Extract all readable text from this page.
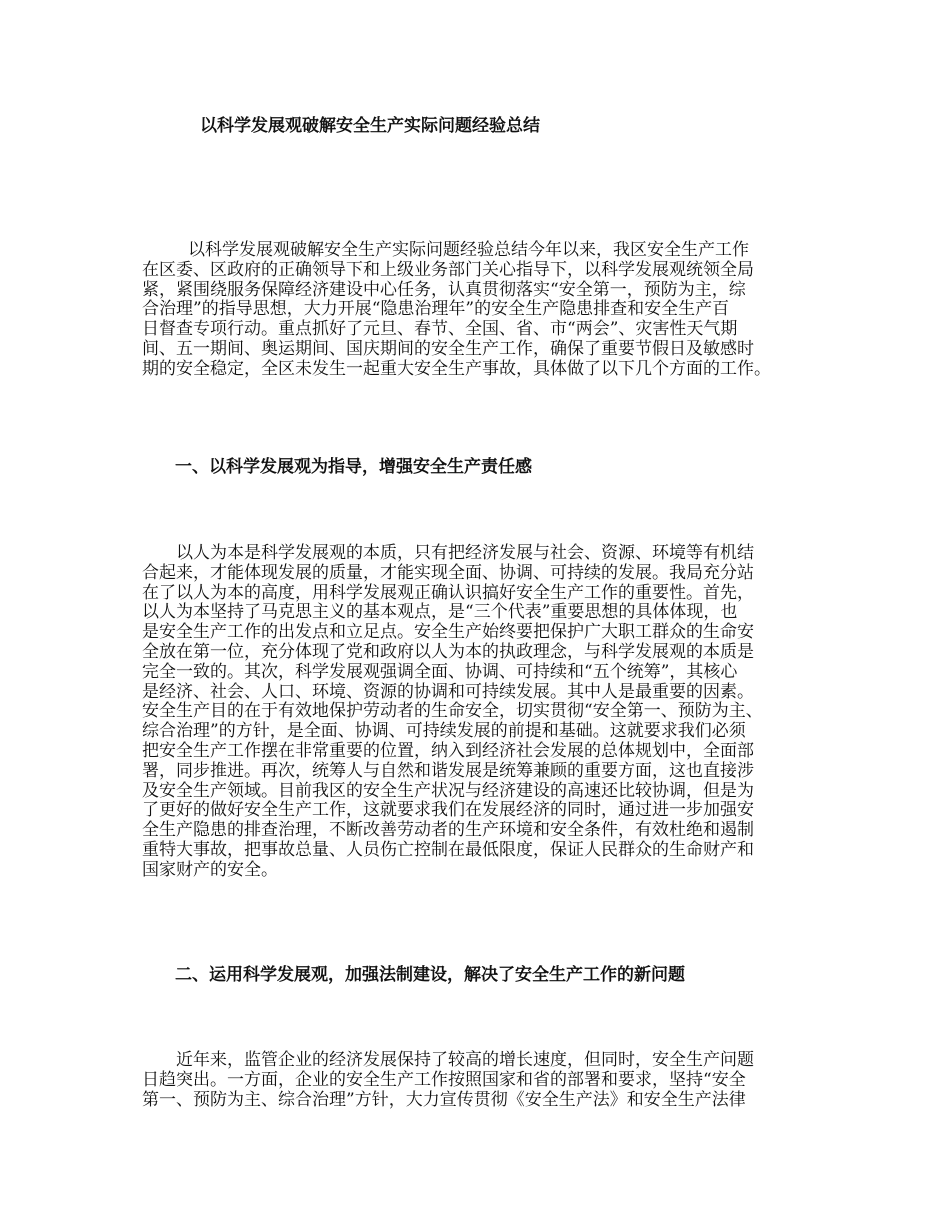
以科学发展观破解安全生产实际问题经验总结
以科学发展观破解安全生产实际问题经验总结今年以来，我区安全生产工作
在区委、区政府的正确领导下和上级业务部门关心指导下，以科学发展观统领全局
紧，紧围绕服务保障经济建设中心任务，认真贯彻落实“安全第一，预防为主，综
合治理”的指导思想，大力开展“隐患治理年”的安全生产隐患排查和安全生产百
日督查专项行动。重点抓好了元旦、春节、全国、省、市“两会”、灾害性天气期
间、五一期间、奥运期间、国庆期间的安全生产工作，确保了重要节假日及敏感时
期的安全稳定，全区未发生一起重大安全生产事故，具体做了以下几个方面的工作。
一、以科学发展观为指导，增强安全生产责任感
以人为本是科学发展观的本质，只有把经济发展与社会、资源、环境等有机结
合起来，才能体现发展的质量，才能实现全面、协调、可持续的发展。我局充分站
在了以人为本的高度，用科学发展观正确认识搞好安全生产工作的重要性。首先，
以人为本坚持了马克思主义的基本观点，是“三个代表”重要思想的具体体现，也
是安全生产工作的出发点和立足点。安全生产始终要把保护广大职工群众的生命安
全放在第一位，充分体现了党和政府以人为本的执政理念，与科学发展观的本质是
完全一致的。其次，科学发展观强调全面、协调、可持续和“五个统筹”，其核心
是经济、社会、人口、环境、资源的协调和可持续发展。其中人是最重要的因素。
安全生产目的在于有效地保护劳动者的生命安全，切实贯彻“安全第一、预防为主、
综合治理”的方针，是全面、协调、可持续发展的前提和基础。这就要求我们必须
把安全生产工作摆在非常重要的位置，纳入到经济社会发展的总体规划中，全面部
署，同步推进。再次，统筹人与自然和谐发展是统筹兼顾的重要方面，这也直接涉
及安全生产领域。目前我区的安全生产状况与经济建设的高速还比较协调，但是为
了更好的做好安全生产工作，这就要求我们在发展经济的同时，通过进一步加强安
全生产隐患的排查治理，不断改善劳动者的生产环境和安全条件，有效杜绝和遏制
重特大事故，把事故总量、人员伤亡控制在最低限度，保证人民群众的生命财产和
国家财产的安全。
二、运用科学发展观，加强法制建设，解决了安全生产工作的新问题
近年来，监管企业的经济发展保持了较高的增长速度，但同时，安全生产问题
日趋突出。一方面，企业的安全生产工作按照国家和省的部署和要求，坚持“安全
第一、预防为主、综合治理”方针，大力宣传贯彻《安全生产法》和安全生产法律
